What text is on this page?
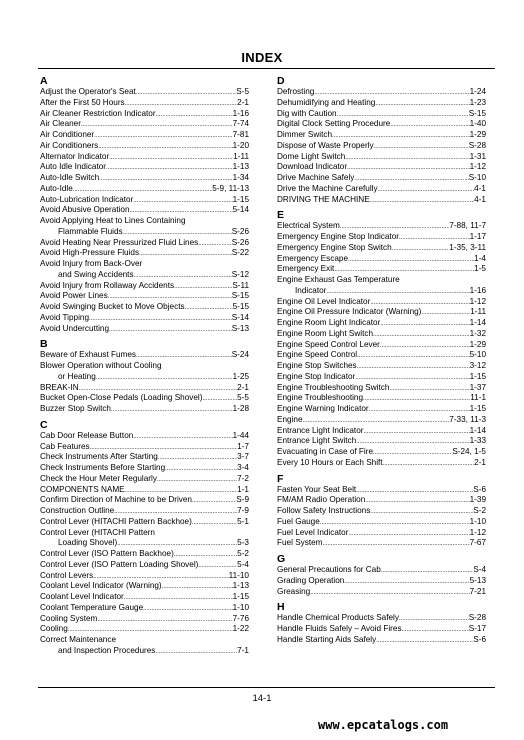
INDEX
A
Adjust the Operator's Seat .....	S-5
After the First 50 Hours .....	2-1
Air Cleaner Restriction Indicator .....	1-16
Air Cleaner .....	7-74
Air Conditioner .....	7-81
Air Conditioners .....	1-20
Alternator Indicator .....	1-11
Auto Idle Indicator .....	1-13
Auto-Idle Switch .....	1-34
Auto-Idle .....	5-9, 11-13
Auto-Lubrication Indicator .....	1-15
Avoid Abusive Operation .....	5-14
Avoid Applying Heat to Lines Containing
Flammable Fluids .....	S-26
Avoid Heating Near Pressurized Fluid Lines .....	S-26
Avoid High-Pressure Fluids .....	S-22
Avoid Injury from Back-Over
and Swing Accidents .....	S-12
Avoid Injury from Rollaway Accidents .....	S-11
Avoid Power Lines .....	S-15
Avoid Swinging Bucket to Move Objects .....	5-15
Avoid Tipping .....	S-14
Avoid Undercutting .....	S-13
B
Beware of Exhaust Fumes .....	S-24
Blower Operation without Cooling
or Heating .....	1-25
BREAK-IN .....	2-1
Bucket Open-Close Pedals (Loading Shovel) .....	5-5
Buzzer Stop Switch .....	1-28
C
Cab Door Release Button .....	1-44
Cab Features .....	1-7
Check Instruments After Starting .....	3-7
Check Instruments Before Starting .....	3-4
Check the Hour Meter Regularly .....	7-2
COMPONENTS NAME .....	1-1
Confirm Direction of Machine to be Driven .....	S-9
Construction Outline .....	7-9
Control Lever (HITACHI Pattern Backhoe) .....	5-1
Control Lever (HITACHI Pattern
Loading Shovel) .....	5-3
Control Lever (ISO Pattern Backhoe) .....	5-2
Control Lever (ISO Pattern Loading Shovel) .....	5-4
Control Levers .....	11-10
Coolant Level Indicator (Warning) .....	1-13
Coolant Level Indicator .....	1-15
Coolant Temperature Gauge .....	1-10
Cooling System .....	7-76
Cooling .....	1-22
Correct Maintenance
and Inspection Procedures .....	7-1
D
Defrosting .....	1-24
Dehumidifying and Heating .....	1-23
Dig with Caution .....	S-15
Digital Clock Setting Procedure .....	1-40
Dimmer Switch .....	1-29
Dispose of Waste Properly .....	S-28
Dome Light Switch .....	1-31
Download Indicator .....	1-12
Drive Machine Safely .....	S-10
Drive the Machine Carefully .....	4-1
DRIVING THE MACHINE .....	4-1
E
Electrical System .....	7-88, 11-7
Emergency Engine Stop Indicator .....	1-17
Emergency Engine Stop Switch .....	1-35, 3-11
Emergency Escape .....	1-4
Emergency Exit .....	1-5
Engine Exhaust Gas Temperature
Indicator .....	1-16
Engine Oil Level Indicator .....	1-12
Engine Oil Pressure Indicator (Warning) .....	1-11
Engine Room Light Indicator .....	1-14
Engine Room Light Switch .....	1-32
Engine Speed Control Lever .....	1-29
Engine Speed Control .....	5-10
Engine Stop Switches .....	3-12
Engine Stop Indicator .....	1-15
Engine Troubleshooting Switch .....	1-37
Engine Troubleshooting .....	11-1
Engine Warning Indicator .....	1-15
Engine .....	7-33, 11-3
Entrance Light Indicator .....	1-14
Entrance Light Switch .....	1-33
Evacuating in Case of Fire .....	S-24, 1-5
Every 10 Hours or Each Shift .....	2-1
F
Fasten Your Seat Belt .....	S-6
FM/AM Radio Operation .....	1-39
Follow Safety Instructions .....	S-2
Fuel Gauge .....	1-10
Fuel Level Indicator .....	1-12
Fuel System .....	7-67
G
General Precautions for Cab .....	S-4
Grading Operation .....	5-13
Greasing .....	7-21
H
Handle Chemical Products Safely .....	S-28
Handle Fluids Safely – Avoid Fires .....	S-17
Handle Starting Aids Safely .....	S-6
14-1
www.epcatalogs.com
